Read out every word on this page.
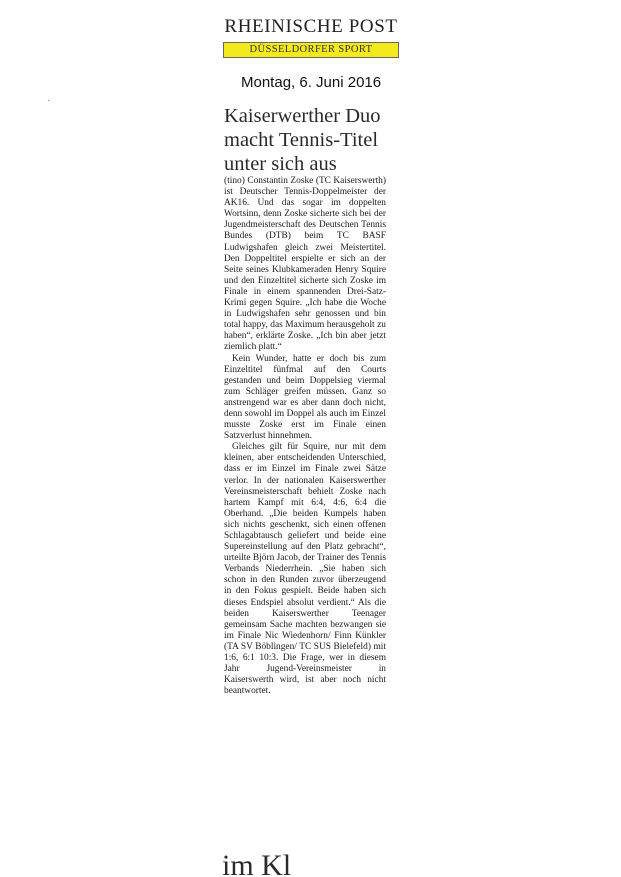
RHEINISCHE POST
DÜSSELDORFER SPORT
Montag, 6. Juni 2016
Kaiserwerther Duo
macht Tennis-Titel
unter sich aus

(tino) Constantin Zoske (TC Kaiserswerth) ist Deutscher Tennis-Doppelmeister der AK16. Und das sogar im doppelten Wortsinn, denn Zoske sicherte sich bei der Jugendmeisterschaft des Deutschen Tennis Bundes (DTB) beim TC BASF Ludwigshafen gleich zwei Meistertitel. Den Doppeltitel erspielte er sich an der Seite seines Klubkameraden Henry Squire und den Einzeltitel sicherte sich Zoske im Finale in einem spannenden Drei-Satz-Krimi gegen Squire. „Ich habe die Woche in Ludwigshafen sehr genossen und bin total happy, das Maximum herausgeholt zu haben“, erklärte Zoske. „Ich bin aber jetzt ziemlich platt.“

Kein Wunder, hatte er doch bis zum Einzeltitel fünfmal auf den Courts gestanden und beim Doppelsieg viermal zum Schläger greifen müssen. Ganz so anstrengend war es aber dann doch nicht, denn sowohl im Doppel als auch im Einzel musste Zoske erst im Finale einen Satzverlust hinnehmen.

Gleiches gilt für Squire, nur mit dem kleinen, aber entscheidenden Unterschied, dass er im Einzel im Finale zwei Sätze verlor. In der nationalen Kaiserswerther Vereinsmeisterschaft behielt Zoske nach hartem Kampf mit 6:4, 4:6, 6:4 die Oberhand. „Die beiden Kumpels haben sich nichts geschenkt, sich einen offenen Schlagabtausch geliefert und beide eine Supereinstellung auf den Platz gebracht“, urteilte Björn Jacob, der Trainer des Tennis Verbands Niederrhein. „Sie haben sich schon in den Runden zuvor überzeugend in den Fokus gespielt. Beide haben sich dieses Endspiel absolut verdient.“ Als die beiden Kaiserswerther Teenager gemeinsam Sache machten bezwangen sie im Finale Nic Wiedenhorn/ Finn Künkler (TA SV Böblingen/ TC SUS Bielefeld) mit 1:6, 6:1 10:3. Die Frage, wer in diesem Jahr Jugend-Vereinsmeister in Kaiserswerth wird, ist aber noch nicht beantwortet.

im Kl
